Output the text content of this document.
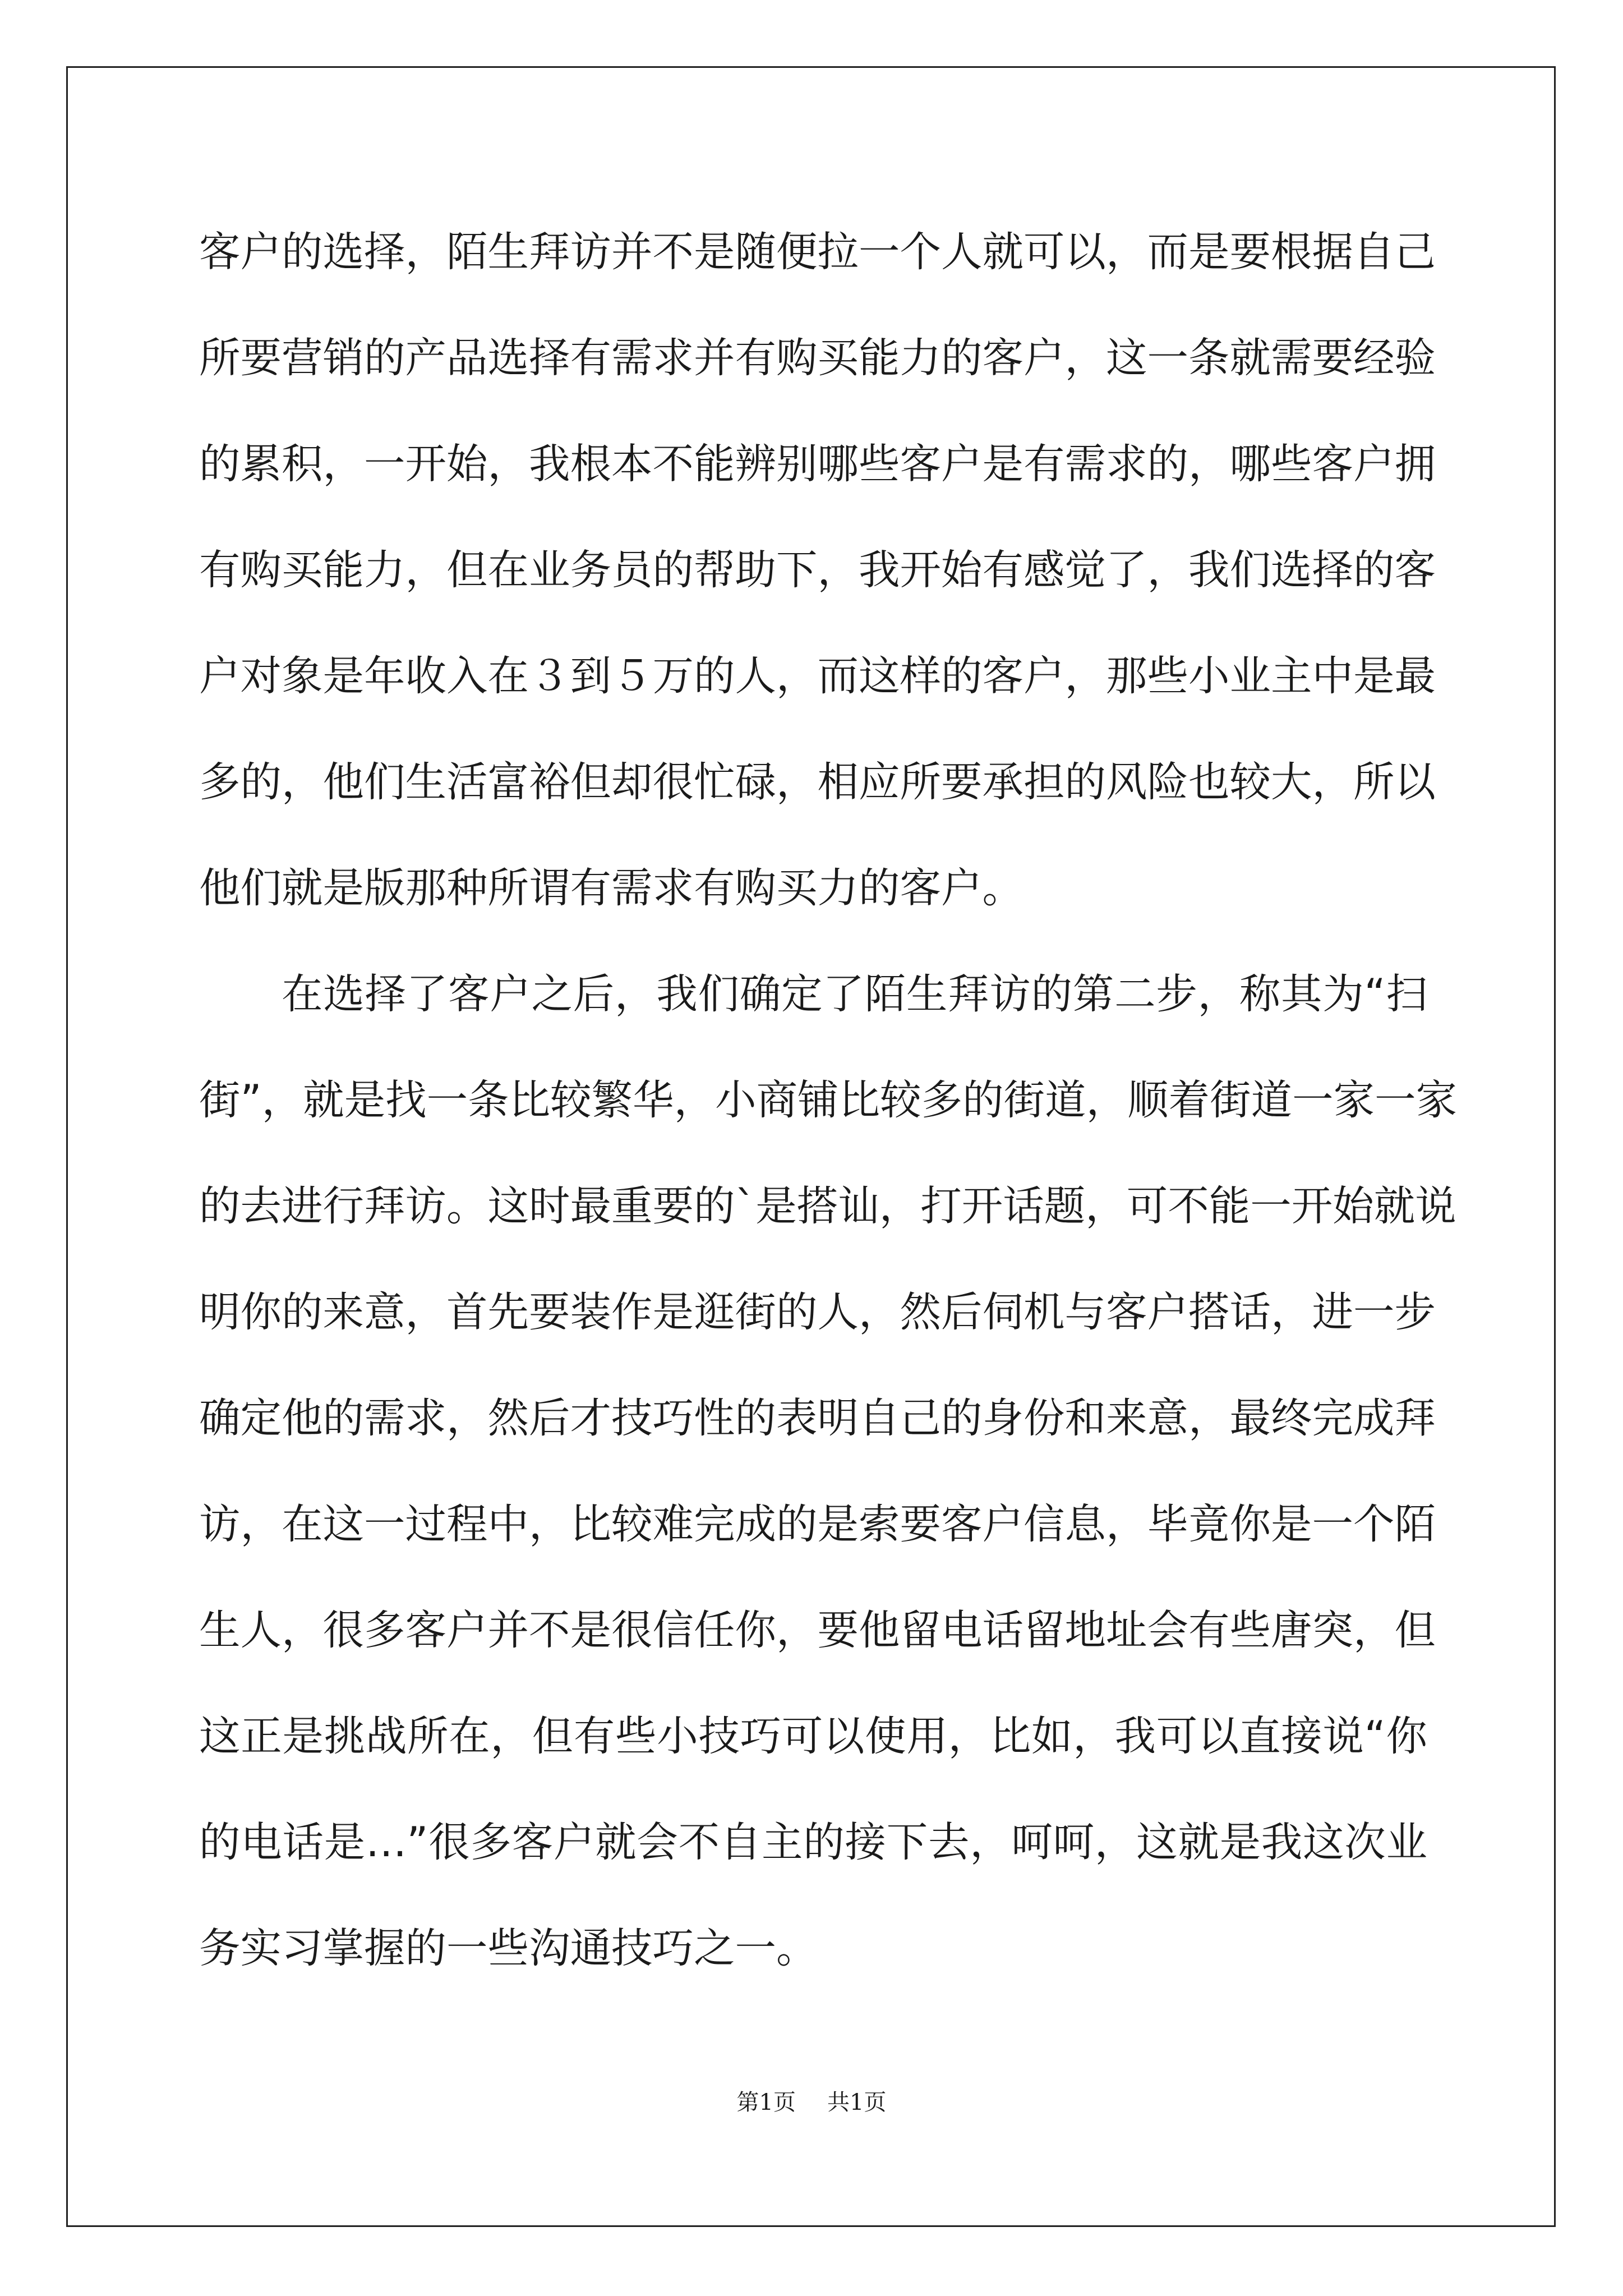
客户的选择，陌生拜访并不是随便拉一个人就可以，而是要根据自己
所要营销的产品选择有需求并有购买能力的客户，这一条就需要经验
的累积，一开始，我根本不能辨别哪些客户是有需求的，哪些客户拥
有购买能力，但在业务员的帮助下，我开始有感觉了，我们选择的客
户对象是年收入在３到５万的人，而这样的客户，那些小业主中是最
多的，他们生活富裕但却很忙碌，相应所要承担的风险也较大，所以
他们就是版那种所谓有需求有购买力的客户。
在选择了客户之后，我们确定了陌生拜访的第二步，称其为“扫
街”，就是找一条比较繁华，小商铺比较多的街道，顺着街道一家一家
的去进行拜访。这时最重要的`是搭讪，打开话题，可不能一开始就说
明你的来意，首先要装作是逛街的人，然后伺机与客户搭话，进一步
确定他的需求，然后才技巧性的表明自己的身份和来意，最终完成拜
访，在这一过程中，比较难完成的是索要客户信息，毕竟你是一个陌
生人，很多客户并不是很信任你，要他留电话留地址会有些唐突，但
这正是挑战所在，但有些小技巧可以使用，比如，我可以直接说“你
的电话是…”很多客户就会不自主的接下去，呵呵，这就是我这次业
务实习掌握的一些沟通技巧之一。
第1页 共1页
